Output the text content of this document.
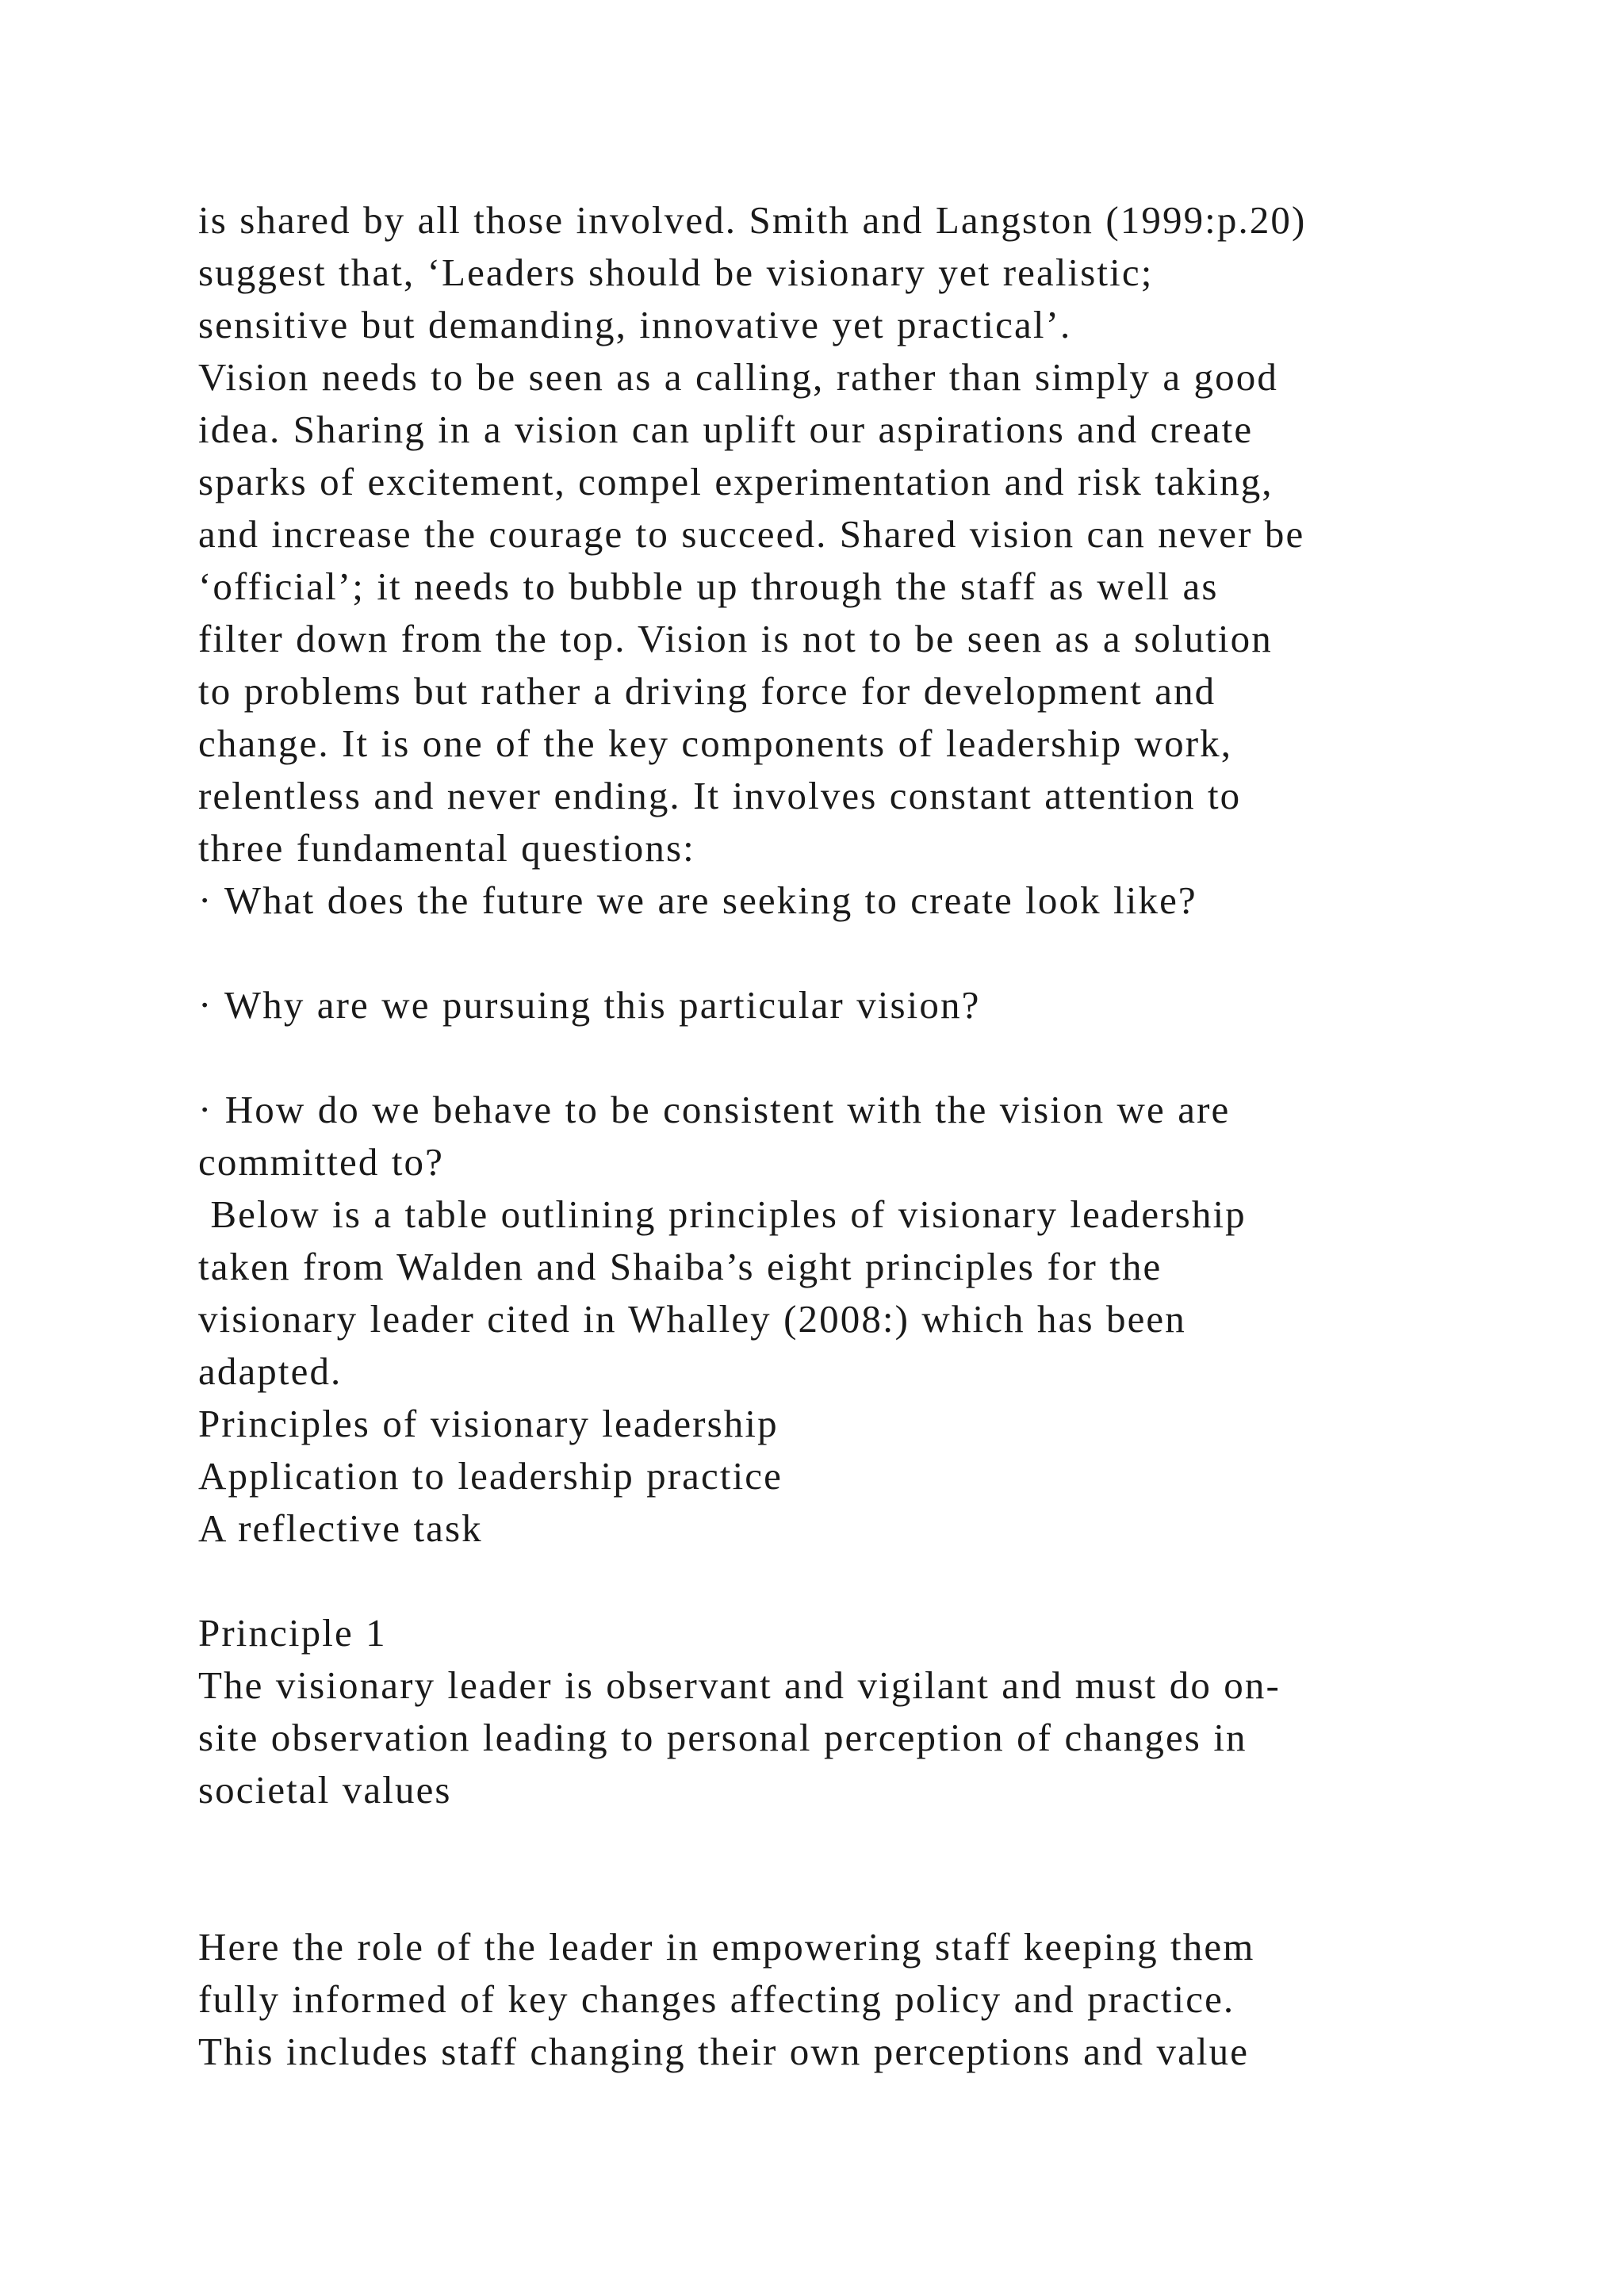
is shared by all those involved. Smith and Langston (1999:p.20)
suggest that, ‘Leaders should be visionary yet realistic;
sensitive but demanding, innovative yet practical’.
Vision needs to be seen as a calling, rather than simply a good
idea. Sharing in a vision can uplift our aspirations and create
sparks of excitement, compel experimentation and risk taking,
and increase the courage to succeed. Shared vision can never be
‘official’; it needs to bubble up through the staff as well as
filter down from the top. Vision is not to be seen as a solution
to problems but rather a driving force for development and
change. It is one of the key components of leadership work,
relentless and never ending. It involves constant attention to
three fundamental questions:
· What does the future we are seeking to create look like?
· Why are we pursuing this particular vision?
· How do we behave to be consistent with the vision we are
committed to?
Below is a table outlining principles of visionary leadership
taken from Walden and Shaiba’s eight principles for the
visionary leader cited in Whalley (2008:) which has been
adapted.
Principles of visionary leadership
Application to leadership practice
A reflective task
Principle 1
The visionary leader is observant and vigilant and must do on-
site observation leading to personal perception of changes in
societal values
Here the role of the leader in empowering staff keeping them
fully informed of key changes affecting policy and practice.
This includes staff changing their own perceptions and value
